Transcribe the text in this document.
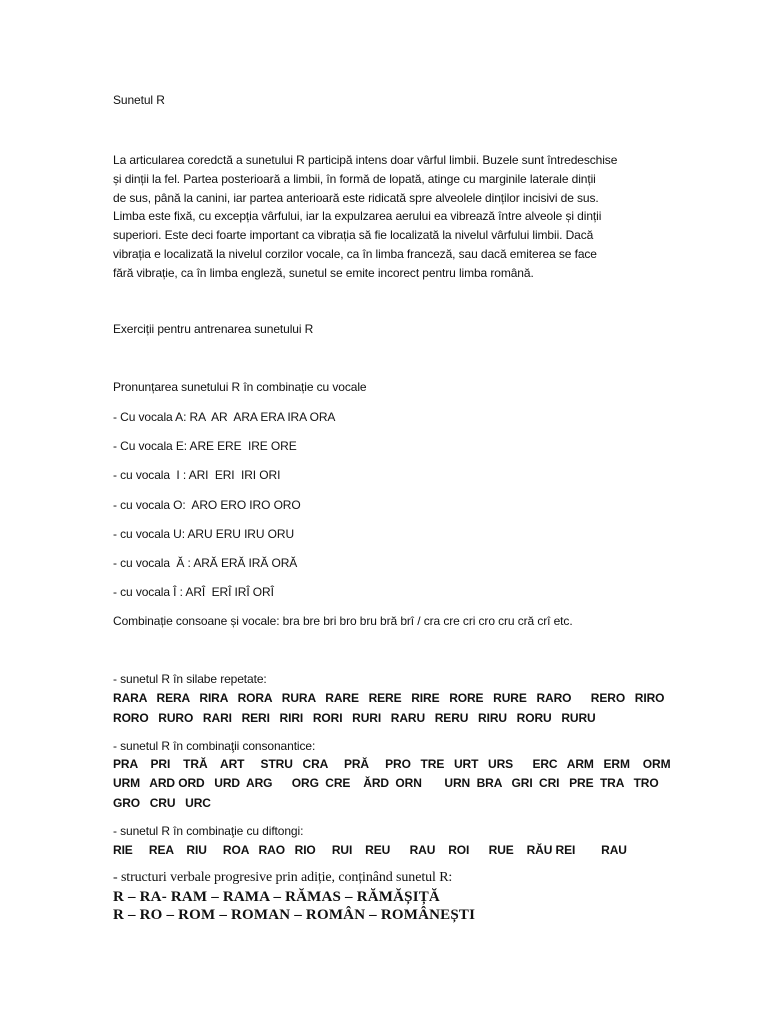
Sunetul R
La articularea coredctă a sunetului R participă intens doar vârful limbii. Buzele sunt întredeschise
și dinții la fel. Partea posterioară a limbii, în formă de lopată, atinge cu marginile laterale dinții
de sus, până la canini, iar partea anterioară este ridicată spre alveolele dinților incisivi de sus.
Limba este fixă, cu excepția vârfului, iar la expulzarea aerului ea vibrează între alveole și dinții
superiori. Este deci foarte important ca vibrația să fie localizată la nivelul vârfului limbii. Dacă
vibrația e localizată la nivelul corzilor vocale, ca în limba franceză, sau dacă emiterea se face
fără vibrație, ca în limba engleză, sunetul se emite incorect pentru limba română.
Exerciții pentru antrenarea sunetului R
Pronunțarea sunetului R în combinație cu vocale
- Cu vocala A: RA  AR  ARA ERA IRA ORA
- Cu vocala E: ARE ERE  IRE ORE
- cu vocala  I : ARI  ERI  IRI ORI
- cu vocala O:  ARO ERO IRO ORO
- cu vocala U: ARU ERU IRU ORU
- cu vocala  Ă : ARĂ ERĂ IRĂ ORĂ
- cu vocala Î : ARÎ  ERÎ IRÎ ORÎ
Combinație consoane și vocale: bra bre bri bro bru bră brî / cra cre cri cro cru cră crî etc.
- sunetul R în silabe repetate:
RARA   RERA   RIRA   RORA   RURA   RARE   RERE   RIRE   RORE   RURE   RARO      RERO   RIRO
RORO   RURO   RARI   RERI   RIRI   RORI   RURI   RARU   RERU   RIRU   RORU   RURU
- sunetul R în combinaţii consonantice:
PRA    PRI    TRĂ    ART     STRU   CRA     PRĂ     PRO   TRE   URT   URS      ERC   ARM   ERM    ORM
URM   ARD ORD   URD  ARG      ORG  CRE    ĂRD  ORN       URN  BRA   GRI  CRI   PRE  TRA   TRO
GRO   CRU   URC
- sunetul R în combinaţie cu diftongi:
RIE     REA    RIU     ROA   RAO   RIO     RUI    REU      RAU    ROI      RUE    RĂU REI        RAU
- structuri verbale progresive prin adiție, conținând sunetul R:
R – RA- RAM – RAMA – RĂMAS – RĂMĂȘIȚĂ
R – RO – ROM – ROMAN – ROMÂN – ROMÂNEȘTI
